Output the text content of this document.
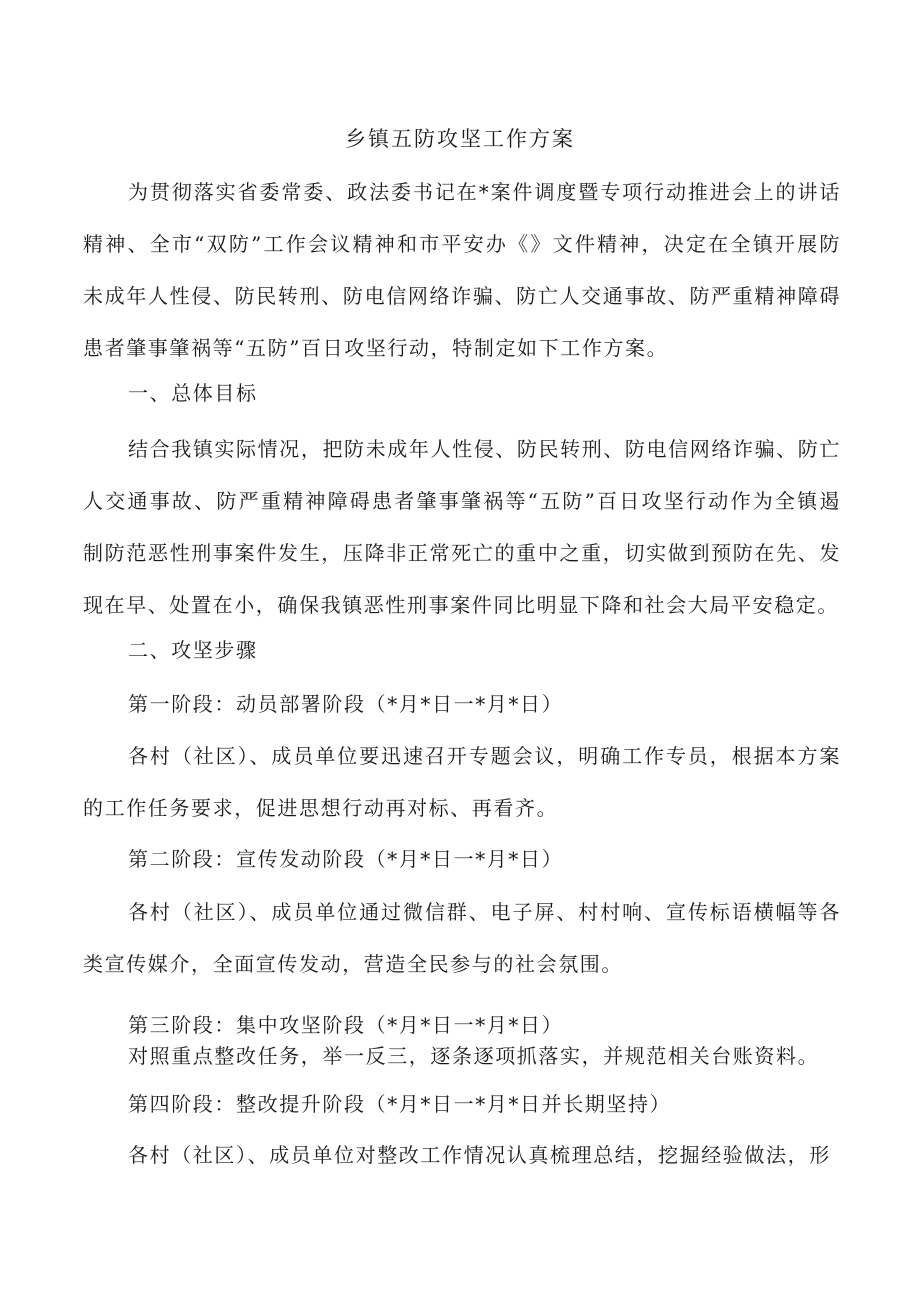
乡镇五防攻坚工作方案

为贯彻落实省委常委、政法委书记在*案件调度暨专项行动推进会上的讲话精神、全市“双防”工作会议精神和市平安办《》文件精神，决定在全镇开展防未成年人性侵、防民转刑、防电信网络诈骗、防亡人交通事故、防严重精神障碍患者肇事肇祸等“五防”百日攻坚行动，特制定如下工作方案。

一、总体目标

结合我镇实际情况，把防未成年人性侵、防民转刑、防电信网络诈骗、防亡人交通事故、防严重精神障碍患者肇事肇祸等“五防”百日攻坚行动作为全镇遏制防范恶性刑事案件发生，压降非正常死亡的重中之重，切实做到预防在先、发现在早、处置在小，确保我镇恶性刑事案件同比明显下降和社会大局平安稳定。

二、攻坚步骤

第一阶段：动员部署阶段（*月*日一*月*日）

各村（社区）、成员单位要迅速召开专题会议，明确工作专员，根据本方案的工作任务要求，促进思想行动再对标、再看齐。

第二阶段：宣传发动阶段（*月*日一*月*日）

各村（社区）、成员单位通过微信群、电子屏、村村响、宣传标语横幅等各类宣传媒介，全面宣传发动，营造全民参与的社会氛围。

第三阶段：集中攻坚阶段（*月*日一*月*日）

对照重点整改任务，举一反三，逐条逐项抓落实，并规范相关台账资料。

第四阶段：整改提升阶段（*月*日一*月*日并长期坚持）

各村（社区）、成员单位对整改工作情况认真梳理总结，挖掘经验做法，形
